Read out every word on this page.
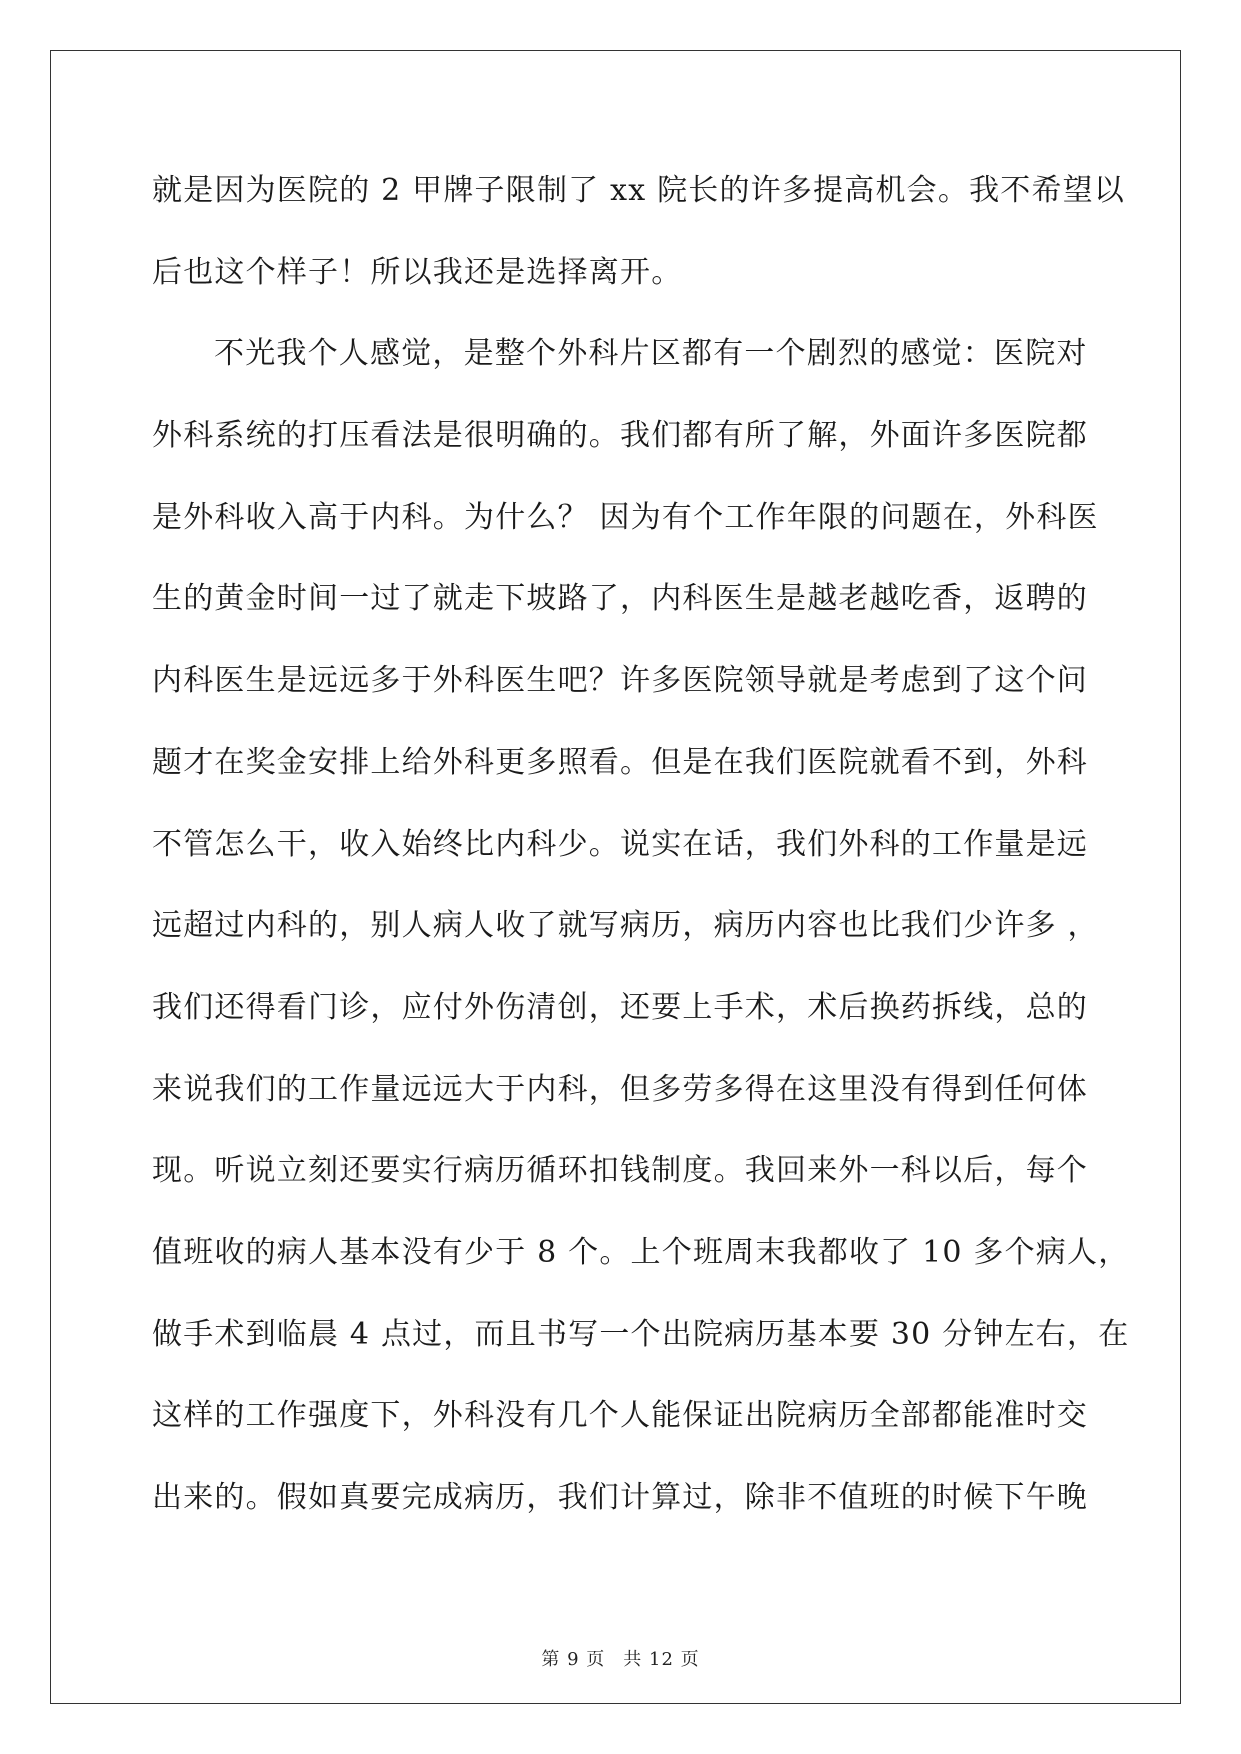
就是因为医院的 2 甲牌子限制了 xx 院长的许多提高机会。我不希望以
后也这个样子！所以我还是选择离开。
不光我个人感觉，是整个外科片区都有一个剧烈的感觉：医院对
外科系统的打压看法是很明确的。我们都有所了解，外面许多医院都
是外科收入高于内科。为什么？ 因为有个工作年限的问题在，外科医
生的黄金时间一过了就走下坡路了，内科医生是越老越吃香，返聘的
内科医生是远远多于外科医生吧？许多医院领导就是考虑到了这个问
题才在奖金安排上给外科更多照看。但是在我们医院就看不到，外科
不管怎么干，收入始终比内科少。说实在话，我们外科的工作量是远
远超过内科的，别人病人收了就写病历，病历内容也比我们少许多 ，
我们还得看门诊，应付外伤清创，还要上手术，术后换药拆线，总的
来说我们的工作量远远大于内科，但多劳多得在这里没有得到任何体
现。听说立刻还要实行病历循环扣钱制度。我回来外一科以后，每个
值班收的病人基本没有少于 8 个。上个班周末我都收了 10 多个病人，
做手术到临晨 4 点过，而且书写一个出院病历基本要 30 分钟左右，在
这样的工作强度下，外科没有几个人能保证出院病历全部都能准时交
出来的。假如真要完成病历，我们计算过，除非不值班的时候下午晚
第 9 页 共 12 页
